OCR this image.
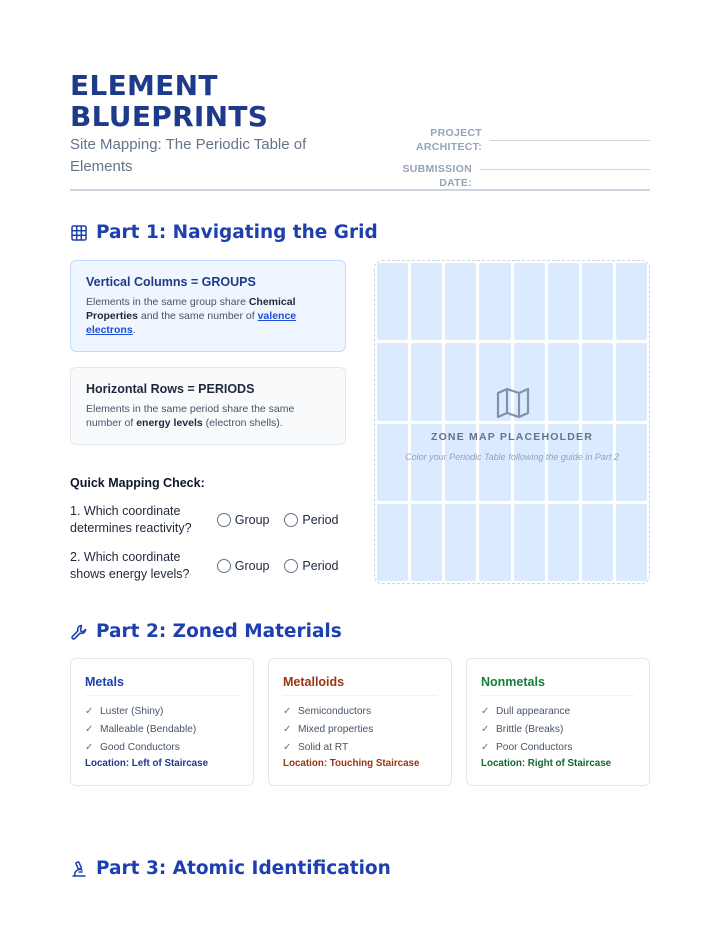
ELEMENT
BLUEPRINTS
Site Mapping: The Periodic Table of Elements
PROJECT
ARCHITECT:
SUBMISSION DATE:
Part 1: Navigating the Grid
Vertical Columns = GROUPS
Elements in the same group share Chemical Properties and the same number of valence electrons.
Horizontal Rows = PERIODS
Elements in the same period share the same number of energy levels (electron shells).
Quick Mapping Check:
1. Which coordinate
determines reactivity?
Group	Period
2. Which coordinate
shows energy levels?
Group	Period
ZONE MAP PLACEHOLDER
Color your Periodic Table following the guide in Part 2
Part 2: Zoned Materials
Metals
✓ Luster (Shiny)
✓ Malleable (Bendable)
✓ Good Conductors
Location: Left of Staircase
Metalloids
✓ Semiconductors
✓ Mixed properties
✓ Solid at RT
Location: Touching Staircase
Nonmetals
✓ Dull appearance
✓ Brittle (Breaks)
✓ Poor Conductors
Location: Right of Staircase
Part 3: Atomic Identification
